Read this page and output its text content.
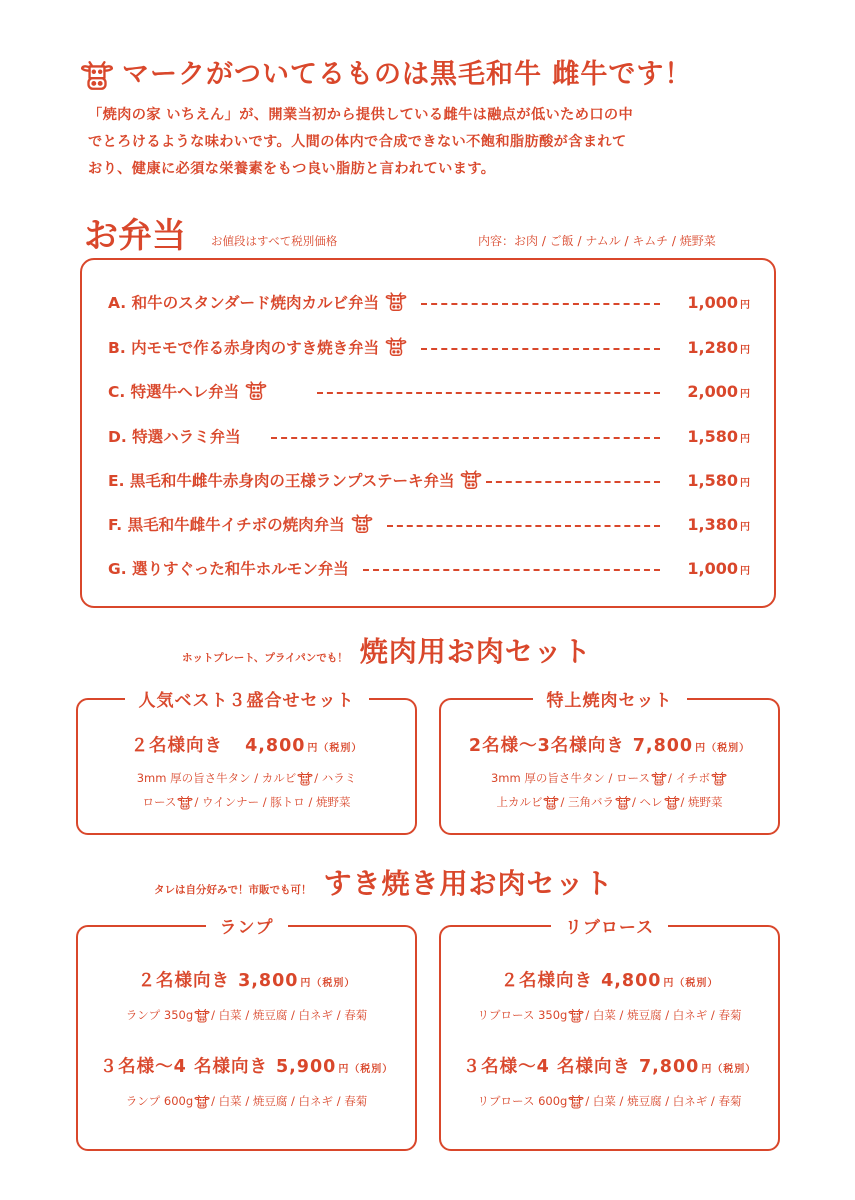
マークがついてるものは黒毛和牛 雌牛です！

「焼肉の家 いちえん」が、開業当初から提供している雌牛は融点が低いため口の中

でとろけるような味わいです。人間の体内で合成できない不飽和脂肪酸が含まれて

おり、健康に必須な栄養素をもつ良い脂肪と言われています。

お弁当 お値段はすべて税別価格	内容：お肉 / ご飯 / ナムル / キムチ / 焼野菜
A. 和牛のスタンダード焼肉カルビ弁当	1,000 円
B. 内モモで作る赤身肉のすき焼き弁当	1,280 円
C. 特選牛ヘレ弁当	2,000 円
D. 特選ハラミ弁当	1,580 円
E. 黒毛和牛雌牛赤身肉の王様ランプステーキ弁当	1,580 円
F. 黒毛和牛雌牛イチボの焼肉弁当	1,380 円
G. 選りすぐった和牛ホルモン弁当	1,000 円
ホットプレート、プライパンでも！ 焼肉用お肉セット
人気ベスト３盛合せセット
２名様向き 4,800 円（税別）
3mm 厚の旨さ牛タン / カルビ / ハラミ
ロース / ウインナー / 豚トロ / 焼野菜
特上焼肉セット
2名様〜3名様向き 7,800 円（税別）
3mm 厚の旨さ牛タン / ロース / イチボ
上カルビ / 三角バラ / ヘレ / 焼野菜
タレは自分好みで！市販でも可！ すき焼き用お肉セット
ランプ
２名様向き 3,800 円（税別）
ランプ 350g / 白菜 / 焼豆腐 / 白ネギ / 春菊
３名様〜4 名様向き 5,900 円（税別）
ランプ 600g / 白菜 / 焼豆腐 / 白ネギ / 春菊
リブロース
２名様向き 4,800 円（税別）
リブロース 350g / 白菜 / 焼豆腐 / 白ネギ / 春菊
３名様〜4 名様向き 7,800 円（税別）
リブロース 600g / 白菜 / 焼豆腐 / 白ネギ / 春菊
